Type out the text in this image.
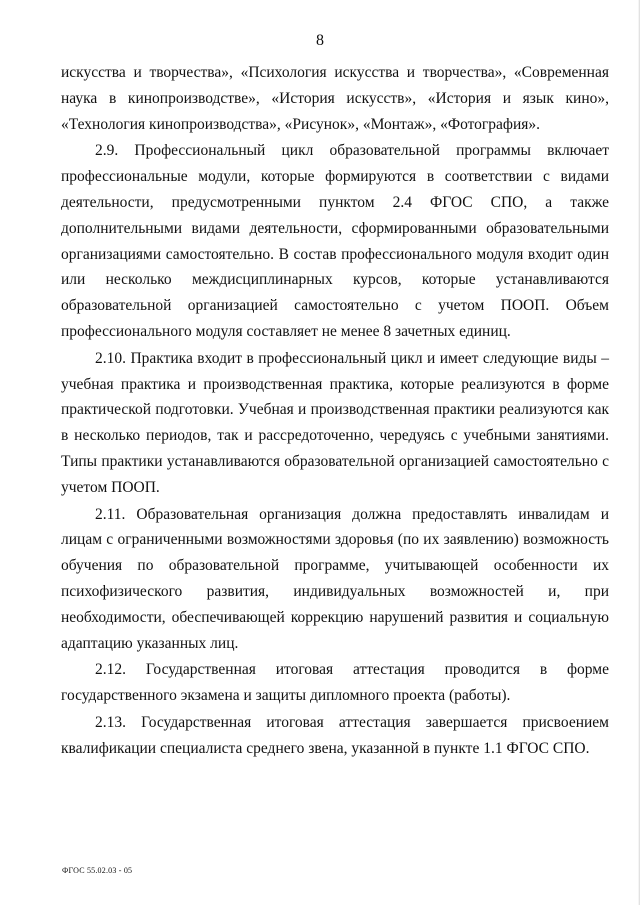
8

искусства и творчества», «Психология искусства и творчества», «Современная наука в кинопроизводстве», «История искусств», «История и язык кино», «Технология кинопроизводства», «Рисунок», «Монтаж», «Фотография».

2.9. Профессиональный цикл образовательной программы включает профессиональные модули, которые формируются в соответствии с видами деятельности, предусмотренными пунктом 2.4 ФГОС СПО, а также дополнительными видами деятельности, сформированными образовательными организациями самостоятельно. В состав профессионального модуля входит один или несколько междисциплинарных курсов, которые устанавливаются образовательной организацией самостоятельно с учетом ПООП. Объем профессионального модуля составляет не менее 8 зачетных единиц.

2.10. Практика входит в профессиональный цикл и имеет следующие виды – учебная практика и производственная практика, которые реализуются в форме практической подготовки. Учебная и производственная практики реализуются как в несколько периодов, так и рассредоточенно, чередуясь с учебными занятиями. Типы практики устанавливаются образовательной организацией самостоятельно с учетом ПООП.

2.11. Образовательная организация должна предоставлять инвалидам и лицам с ограниченными возможностями здоровья (по их заявлению) возможность обучения по образовательной программе, учитывающей особенности их психофизического развития, индивидуальных возможностей и, при необходимости, обеспечивающей коррекцию нарушений развития и социальную адаптацию указанных лиц.

2.12. Государственная итоговая аттестация проводится в форме государственного экзамена и защиты дипломного проекта (работы).

2.13. Государственная итоговая аттестация завершается присвоением квалификации специалиста среднего звена, указанной в пункте 1.1 ФГОС СПО.

ФГОС 55.02.03 - 05
